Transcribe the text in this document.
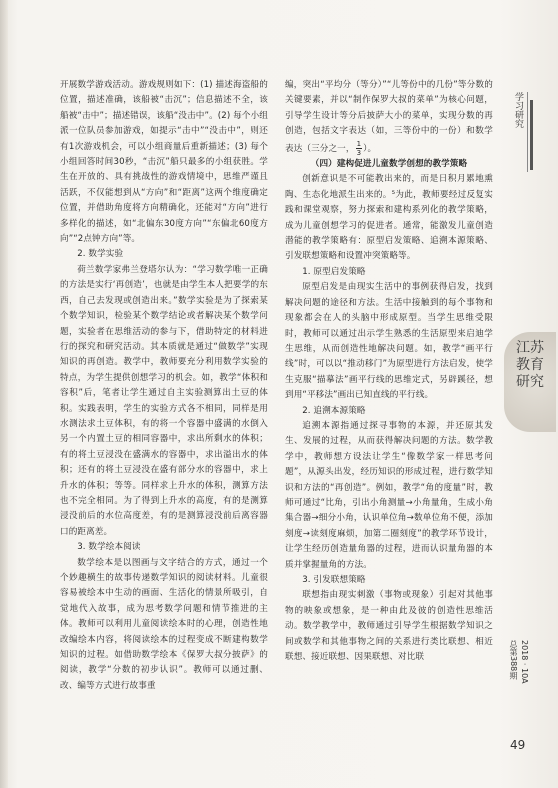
开展数学游戏活动。游戏规则如下：(1) 描述海盗船的位置，描述准确，该船被“击沉”；信息描述不全，该船被“击中”；描述错误，该船“没击中”。(2) 每个小组派一位队员参加游戏，如提示“击中”“没击中”，则还有1次游戏机会，可以小组商量后重新描述；(3) 每个小组回答时间30秒，“击沉”船只最多的小组获胜。学生在开放的、具有挑战性的游戏情境中，思维严谨且活跃，不仅能想到从“方向”和“距离”这两个维度确定位置，并借助角度将方向精确化，还能对“方向”进行多样化的描述，如“北偏东30度方向”“东偏北60度方向”“2点钟方向”等。

2. 数学实验

荷兰数学家弗兰登塔尔认为：“学习数学唯一正确的方法是实行‘再创造’，也就是由学生本人把要学的东西，自己去发现或创造出来。”数学实验是为了探索某个数学知识，检验某个数学结论或者解决某个数学问题，实验者在思维活动的参与下，借助特定的材料进行的探究和研究活动。其本质就是通过“做数学”实现知识的再创造。教学中，教师要充分利用数学实验的特点，为学生提供创想学习的机会。如，教学“体积和容积”后，笔者让学生通过自主实验测算出土豆的体积。实践表明，学生的实验方式各不相同，同样是用水测法求土豆体积，有的将一个容器中盛满的水倒入另一个内置土豆的相同容器中，求出所剩水的体积；有的将土豆浸没在盛满水的容器中，求出溢出水的体积；还有的将土豆浸没在盛有部分水的容器中，求上升水的体积；等等。同样求上升水的体积，测算方法也不完全相同。为了得到上升水的高度，有的是测算浸没前后的水位高度差，有的是测算浸没前后离容器口的距离差。

3. 数学绘本阅读

数学绘本是以图画与文字结合的方式，通过一个个妙趣横生的故事传递数学知识的阅读材料。儿童很容易被绘本中生动的画面、生活化的情景所吸引，自觉地代入故事，成为思考数学问题和情节推进的主体。教师可以利用儿童阅读绘本时的心理，创造性地改编绘本内容，将阅读绘本的过程变成不断建构数学知识的过程。如借助数学绘本《保罗大叔分披萨》的阅读，教学“分数的初步认识”。教师可以通过删、改、编等方式进行故事重

编，突出“平均分（等分）”“儿等份中的几份”等分数的关键要素，并以“制作保罗大叔的菜单”为核心问题，引导学生设计等分后披萨大小的菜单，实现分数的再创造，包括文字表达（如，三等份中的一份）和数学表达（三分之一， $\frac{1}{3}$ ）。

（四）建构促进儿童数学创想的教学策略

创新意识是不可能教出来的，而是日积月累地熏陶、生态化地派生出来的。⁵为此，教师要经过反复实践和课堂观察，努力探索和建构系列化的教学策略，成为儿童创想学习的促进者。通常，能激发儿童创造潜能的教学策略有：原型启发策略、追溯本源策略、引发联想策略和设置冲突策略等。

1. 原型启发策略

原型启发是由现实生活中的事例获得启发，找到解决问题的途径和方法。生活中接触到的每个事物和现象都会在人的头脑中形成原型。当学生思维受限时，教师可以通过出示学生熟悉的生活原型来启迪学生思维，从而创造性地解决问题。如，教学“画平行线”时，可以以“推动移门”为原型进行方法启发，使学生克服“描摹法”画平行线的思维定式，另辟蹊径，想到用“平移法”画出已知直线的平行线。

2. 追溯本源策略

追溯本源指通过探寻事物的本源，并还原其发生、发展的过程，从而获得解决问题的方法。数学教学中，教师想方设法让学生“像数学家一样思考问题”，从源头出发，经历知识的形成过程，进行数学知识和方法的“再创造”。例如，教学“角的度量”时，教师可通过“比角，引出小角测量→小角量角，生成小角集合器→细分小角，认识单位角→数单位角不便，添加刻度→读刻度麻烦，加第二圈刻度”的教学环节设计，让学生经历创造量角器的过程，进而认识量角器的本质并掌握量角的方法。

3. 引发联想策略

联想指由现实刺激（事物或现象）引起对其他事物的映象或想象，是一种由此及彼的创造性思维活动。数学教学中，教师通过引导学生根据数学知识之间或数学和其他事物之间的关系进行类比联想、相近联想、接近联想、因果联想、对比联

学习研究
江苏教育研究
总第388期 2018 · 10A
49
